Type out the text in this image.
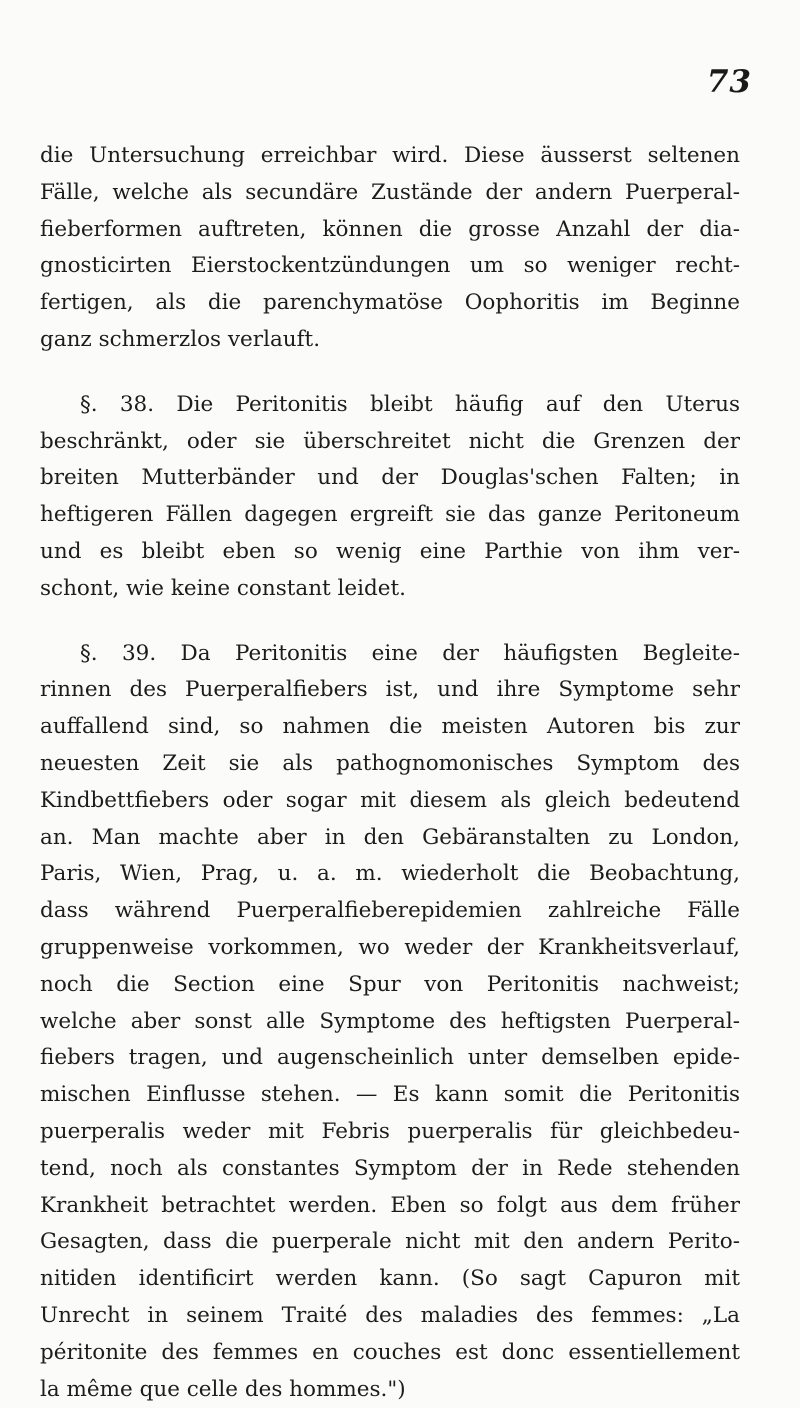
73
die Untersuchung erreichbar wird. Diese äusserst seltenen
Fälle, welche als secundäre Zustände der andern Puerperal-
fieberformen auftreten, können die grosse Anzahl der dia-
gnosticirten Eierstockentzündungen um so weniger recht-
fertigen, als die parenchymatöse Oophoritis im Beginne
ganz schmerzlos verlauft.
§. 38. Die Peritonitis bleibt häufig auf den Uterus
beschränkt, oder sie überschreitet nicht die Grenzen der
breiten Mutterbänder und der Douglas'schen Falten; in
heftigeren Fällen dagegen ergreift sie das ganze Peritoneum
und es bleibt eben so wenig eine Parthie von ihm ver-
schont, wie keine constant leidet.
§. 39. Da Peritonitis eine der häufigsten Begleite-
rinnen des Puerperalfiebers ist, und ihre Symptome sehr
auffallend sind, so nahmen die meisten Autoren bis zur
neuesten Zeit sie als pathognomonisches Symptom des
Kindbettfiebers oder sogar mit diesem als gleich bedeutend
an. Man machte aber in den Gebäranstalten zu London,
Paris, Wien, Prag, u. a. m. wiederholt die Beobachtung,
dass während Puerperalfieberepidemien zahlreiche Fälle
gruppenweise vorkommen, wo weder der Krankheitsverlauf,
noch die Section eine Spur von Peritonitis nachweist;
welche aber sonst alle Symptome des heftigsten Puerperal-
fiebers tragen, und augenscheinlich unter demselben epide-
mischen Einflusse stehen. — Es kann somit die Peritonitis
puerperalis weder mit Febris puerperalis für gleichbedeu-
tend, noch als constantes Symptom der in Rede stehenden
Krankheit betrachtet werden. Eben so folgt aus dem früher
Gesagten, dass die puerperale nicht mit den andern Perito-
nitiden identificirt werden kann. (So sagt Capuron mit
Unrecht in seinem Traité des maladies des femmes: „La
péritonite des femmes en couches est donc essentiellement
la même que celle des hommes.")
